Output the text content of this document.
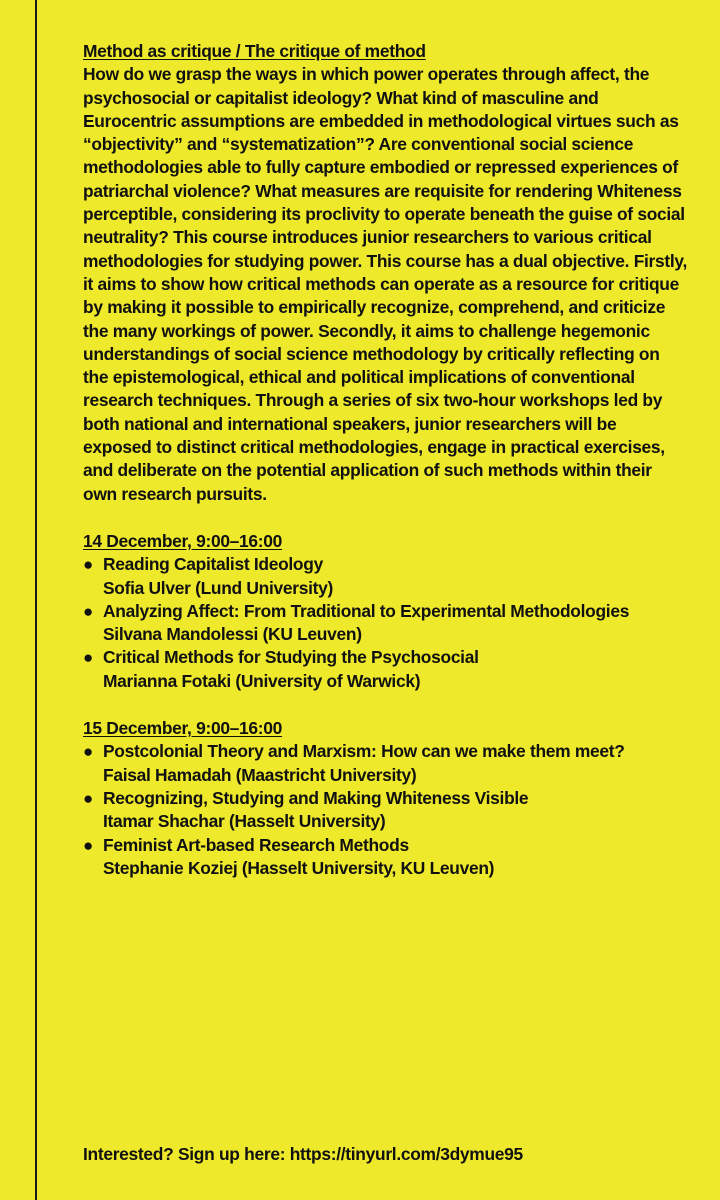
Method as critique / The critique of method

How do we grasp the ways in which power operates through affect, the psychosocial or capitalist ideology? What kind of masculine and Eurocentric assumptions are embedded in methodological virtues such as “objectivity” and “systematization”? Are conventional social science methodologies able to fully capture embodied or repressed experiences of patriarchal violence? What measures are requisite for rendering Whiteness perceptible, considering its proclivity to operate beneath the guise of social neutrality? This course introduces junior researchers to various critical methodologies for studying power. This course has a dual objective. Firstly, it aims to show how critical methods can operate as a resource for critique by making it possible to empirically recognize, comprehend, and criticize the many workings of power. Secondly, it aims to challenge hegemonic understandings of social science methodology by critically reflecting on the epistemological, ethical and political implications of conventional research techniques. Through a series of six two-hour workshops led by both national and international speakers, junior researchers will be exposed to distinct critical methodologies, engage in practical exercises, and deliberate on the potential application of such methods within their own research pursuits.

14 December, 9:00–16:00
● Reading Capitalist Ideology
Sofia Ulver (Lund University)
● Analyzing Affect: From Traditional to Experimental Methodologies
Silvana Mandolessi (KU Leuven)
● Critical Methods for Studying the Psychosocial
Marianna Fotaki (University of Warwick)
15 December, 9:00–16:00
● Postcolonial Theory and Marxism: How can we make them meet?
Faisal Hamadah (Maastricht University)
● Recognizing, Studying and Making Whiteness Visible
Itamar Shachar (Hasselt University)
● Feminist Art-based Research Methods
Stephanie Koziej (Hasselt University, KU Leuven)
Interested? Sign up here: https://tinyurl.com/3dymue95
